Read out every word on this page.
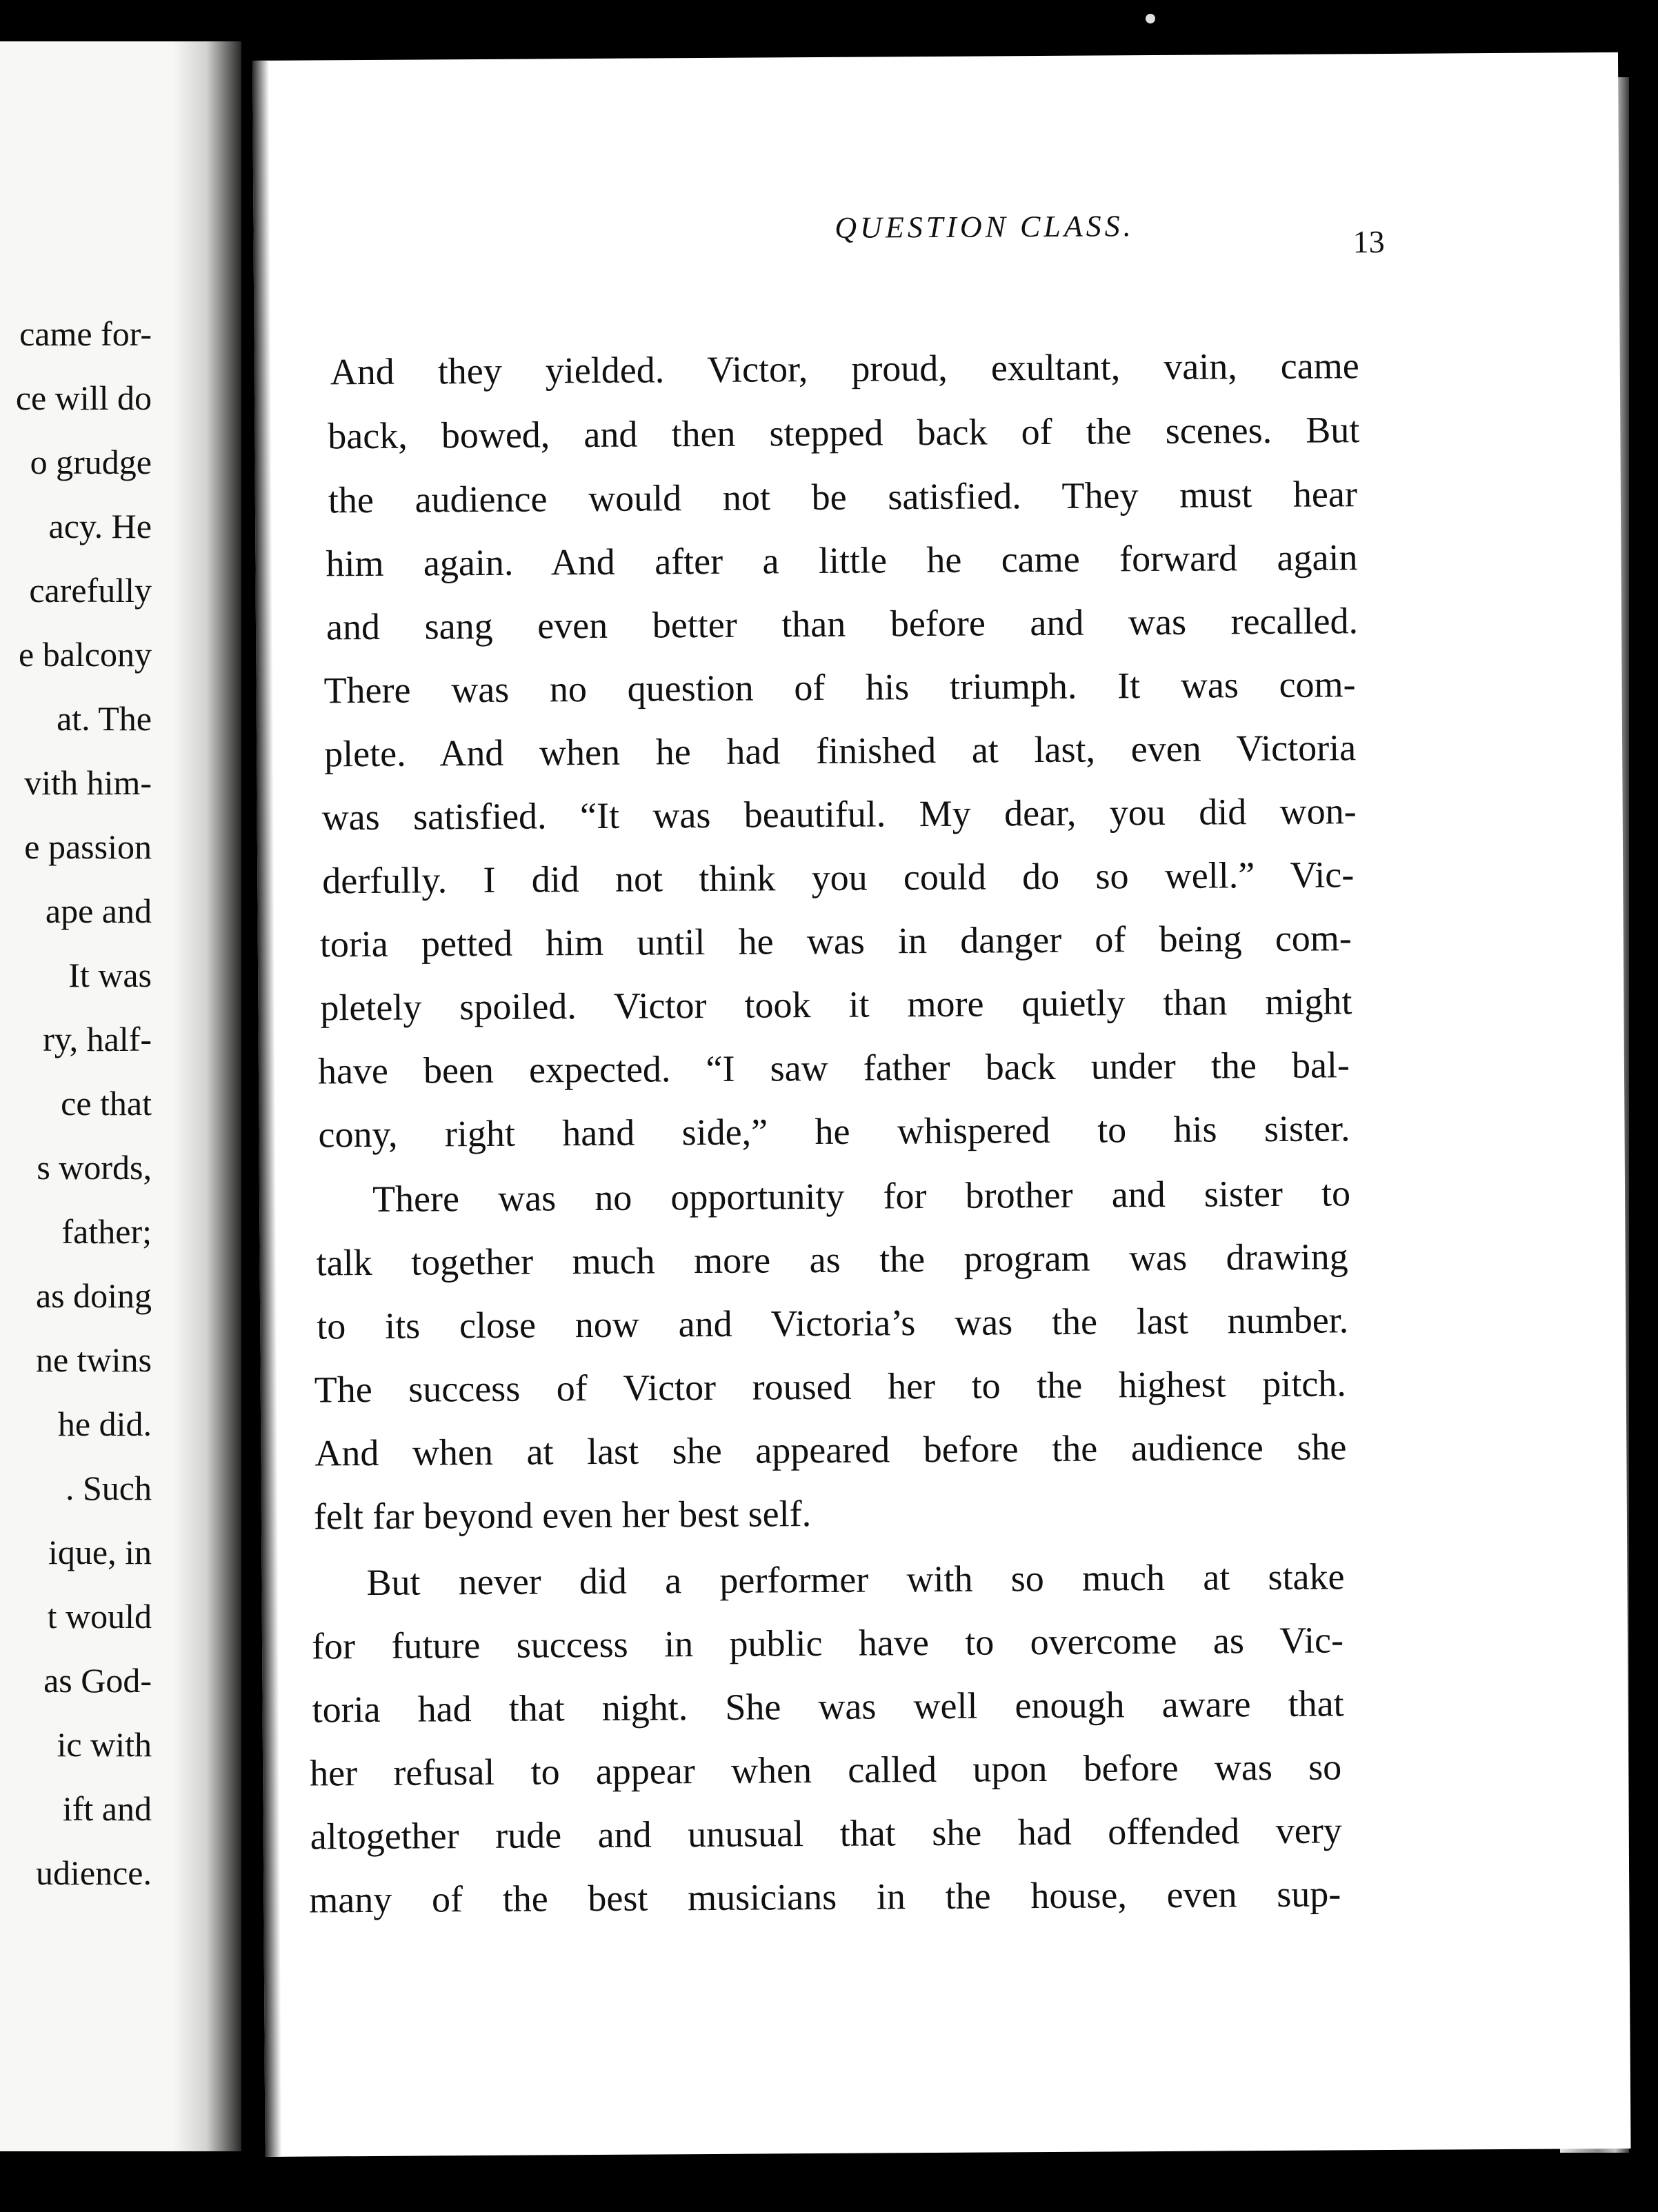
came for-
ce will do
o grudge
acy. He
carefully
e balcony
at. The
vith him-
e passion
ape and
It was
ry, half-
ce that
s words,
father;
as doing
ne twins
he did.
. Such
ique, in
t would
as God-
ic with
ift and
udience.
QUESTION CLASS.	13
And they yielded. Victor, proud, exultant, vain, came
back, bowed, and then stepped back of the scenes. But
the audience would not be satisfied. They must hear
him again. And after a little he came forward again
and sang even better than before and was recalled.
There was no question of his triumph. It was com-
plete. And when he had finished at last, even Victoria
was satisfied. “It was beautiful. My dear, you did won-
derfully. I did not think you could do so well.” Vic-
toria petted him until he was in danger of being com-
pletely spoiled. Victor took it more quietly than might
have been expected. “I saw father back under the bal-
cony, right hand side,” he whispered to his sister.
There was no opportunity for brother and sister to
talk together much more as the program was drawing
to its close now and Victoria’s was the last number.
The success of Victor roused her to the highest pitch.
And when at last she appeared before the audience she
felt far beyond even her best self.
But never did a performer with so much at stake
for future success in public have to overcome as Vic-
toria had that night. She was well enough aware that
her refusal to appear when called upon before was so
altogether rude and unusual that she had offended very
many of the best musicians in the house, even sup-
